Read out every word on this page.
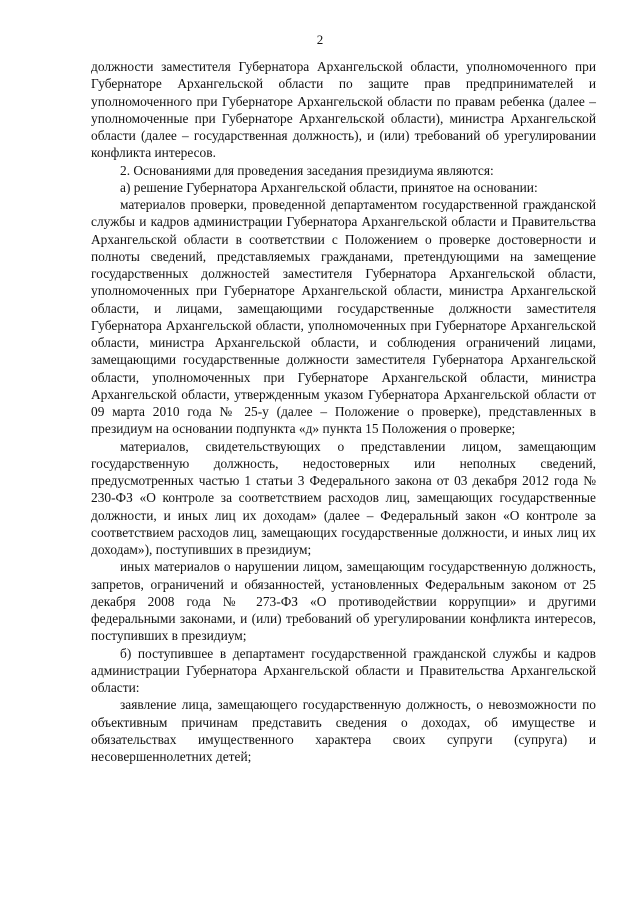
2

должности заместителя Губернатора Архангельской области, уполномоченного при Губернаторе Архангельской области по защите прав предпринимателей и уполномоченного при Губернаторе Архангельской области по правам ребенка (далее – уполномоченные при Губернаторе Архангельской области), министра Архангельской области (далее – государственная должность), и (или) требований об урегулировании конфликта интересов.

2. Основаниями для проведения заседания президиума являются:

а) решение Губернатора Архангельской области, принятое на основании:

материалов проверки, проведенной департаментом государственной гражданской службы и кадров администрации Губернатора Архангельской области и Правительства Архангельской области в соответствии с Положением о проверке достоверности и полноты сведений, представляемых гражданами, претендующими на замещение государственных должностей заместителя Губернатора Архангельской области, уполномоченных при Губернаторе Архангельской области, министра Архангельской области, и лицами, замещающими государственные должности заместителя Губернатора Архангельской области, уполномоченных при Губернаторе Архангельской области, министра Архангельской области, и соблюдения ограничений лицами, замещающими государственные должности заместителя Губернатора Архангельской области, уполномоченных при Губернаторе Архангельской области, министра Архангельской области, утвержденным указом Губернатора Архангельской области от 09 марта 2010 года № 25-у (далее – Положение о проверке), представленных в президиум на основании подпункта «д» пункта 15 Положения о проверке;

материалов, свидетельствующих о представлении лицом, замещающим государственную должность, недостоверных или неполных сведений, предусмотренных частью 1 статьи 3 Федерального закона от 03 декабря 2012 года № 230-ФЗ «О контроле за соответствием расходов лиц, замещающих государственные должности, и иных лиц их доходам» (далее – Федеральный закон «О контроле за соответствием расходов лиц, замещающих государственные должности, и иных лиц их доходам»), поступивших в президиум;

иных материалов о нарушении лицом, замещающим государственную должность, запретов, ограничений и обязанностей, установленных Федеральным законом от 25 декабря 2008 года № 273-ФЗ «О противодействии коррупции» и другими федеральными законами, и (или) требований об урегулировании конфликта интересов, поступивших в президиум;

б) поступившее в департамент государственной гражданской службы и кадров администрации Губернатора Архангельской области и Правительства Архангельской области:

заявление лица, замещающего государственную должность, о невозможности по объективным причинам представить сведения о доходах, об имуществе и обязательствах имущественного характера своих супруги (супруга) и несовершеннолетних детей;
